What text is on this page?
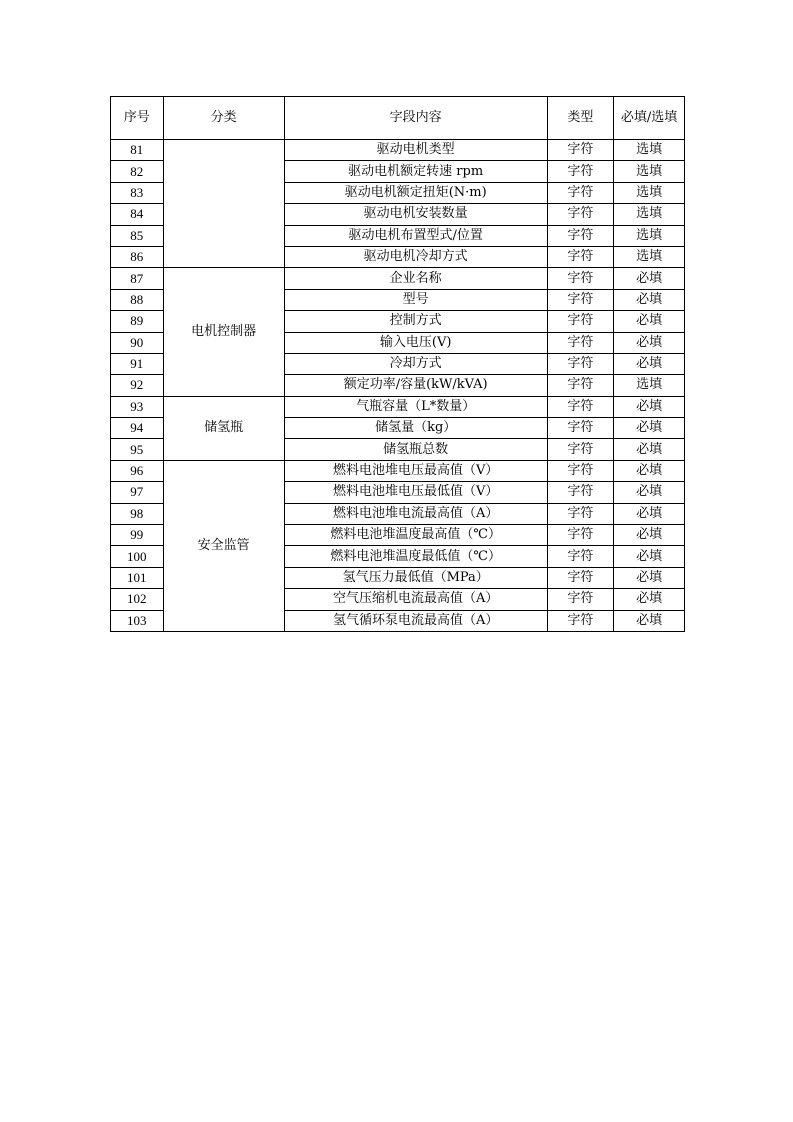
序号	分类	字段内容	类型	必填/选填
81		驱动电机类型	字符	选填
82		驱动电机额定转速 rpm	字符	选填
83		驱动电机额定扭矩(N·m)	字符	选填
84		驱动电机安装数量	字符	选填
85		驱动电机布置型式/位置	字符	选填
86		驱动电机冷却方式	字符	选填
87	电机控制器	企业名称	字符	必填
88		型号	字符	必填
89		控制方式	字符	必填
90		输入电压(V)	字符	必填
91		冷却方式	字符	必填
92		额定功率/容量(kW/kVA)	字符	选填
93	储氢瓶	气瓶容量（L*数量）	字符	必填
94		储氢量（kg）	字符	必填
95		储氢瓶总数	字符	必填
96	安全监管	燃料电池堆电压最高值（V）	字符	必填
97		燃料电池堆电压最低值（V）	字符	必填
98		燃料电池堆电流最高值（A）	字符	必填
99		燃料电池堆温度最高值（℃）	字符	必填
100		燃料电池堆温度最低值（℃）	字符	必填
101		氢气压力最低值（MPa）	字符	必填
102		空气压缩机电流最高值（A）	字符	必填
103		氢气循环泵电流最高值（A）	字符	必填
